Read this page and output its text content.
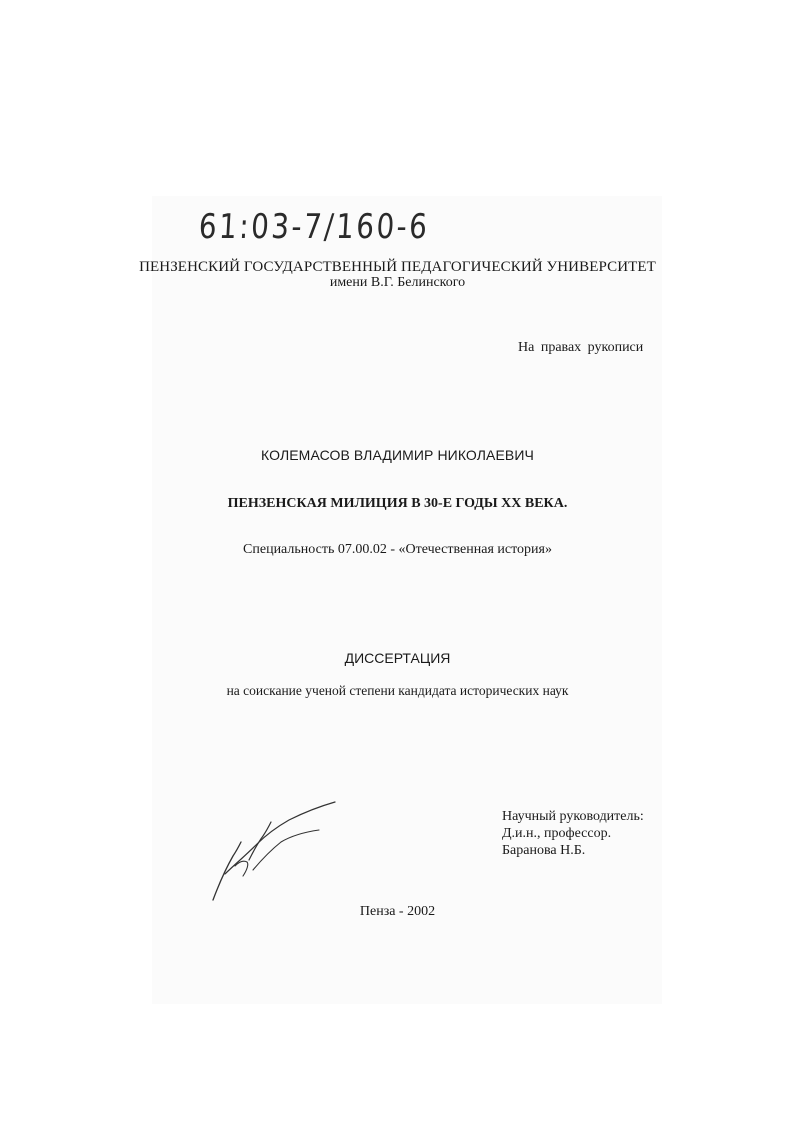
61:03-7/160-6
ПЕНЗЕНСКИЙ ГОСУДАРСТВЕННЫЙ ПЕДАГОГИЧЕСКИЙ УНИВЕРСИТЕТ
имени В.Г. Белинского
На правах рукописи
КОЛЕМАСОВ ВЛАДИМИР НИКОЛАЕВИЧ
ПЕНЗЕНСКАЯ МИЛИЦИЯ В 30-Е ГОДЫ XX ВЕКА.
Специальность 07.00.02 - «Отечественная история»
ДИССЕРТАЦИЯ
на соискание ученой степени кандидата исторических наук
Научный руководитель:
Д.и.н., профессор.
Баранова Н.Б.
Пенза - 2002
